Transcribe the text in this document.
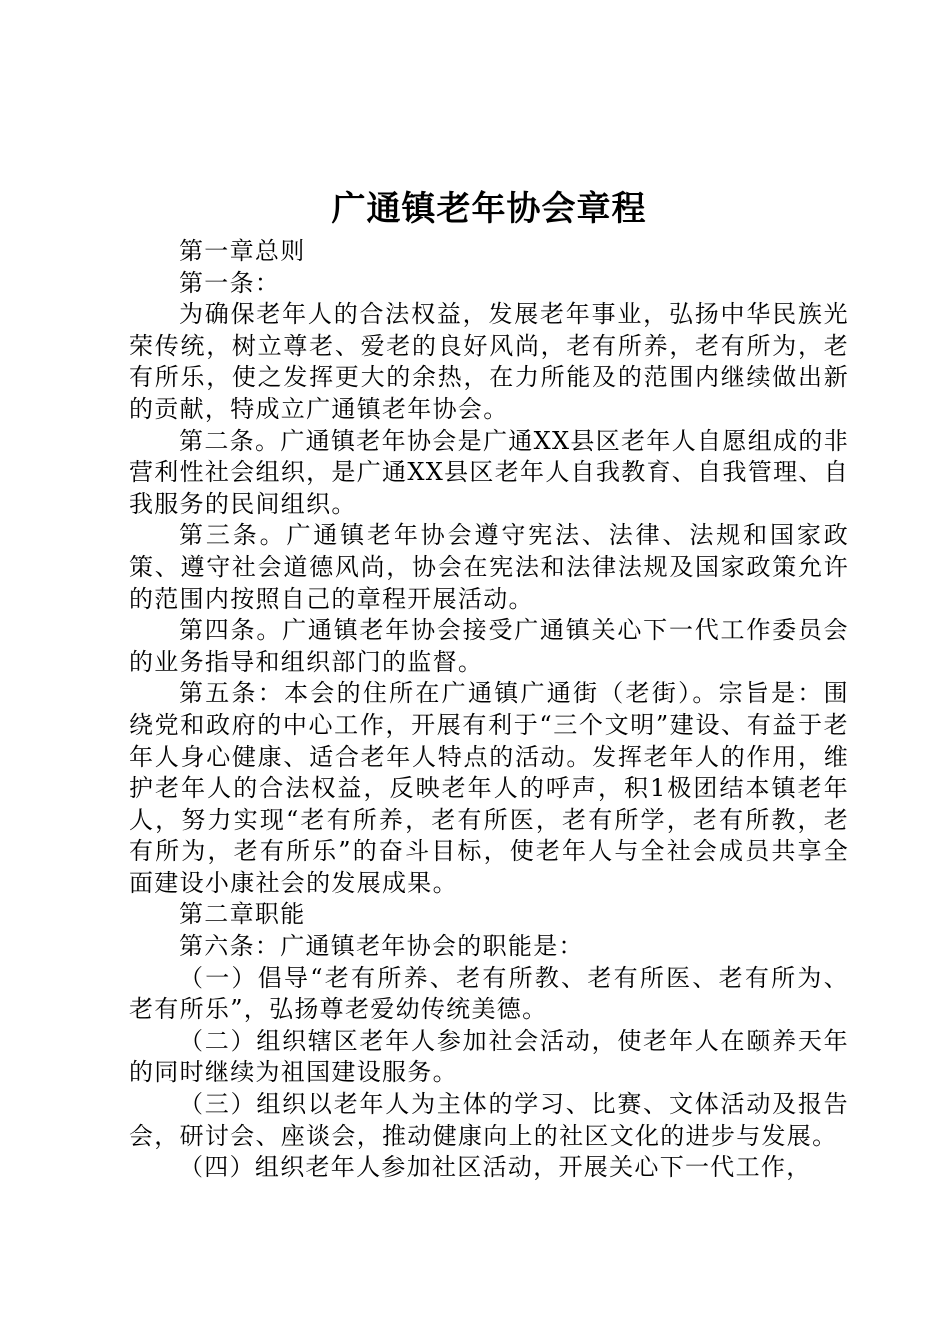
广通镇老年协会章程

第一章总则

第一条：

为确保老年人的合法权益，发展老年事业，弘扬中华民族光荣传统，树立尊老、爱老的良好风尚，老有所养，老有所为，老有所乐，使之发挥更大的余热，在力所能及的范围内继续做出新的贡献，特成立广通镇老年协会。

第二条。广通镇老年协会是广通XX县区老年人自愿组成的非营利性社会组织，是广通XX县区老年人自我教育、自我管理、自我服务的民间组织。

第三条。广通镇老年协会遵守宪法、法律、法规和国家政策、遵守社会道德风尚，协会在宪法和法律法规及国家政策允许的范围内按照自己的章程开展活动。

第四条。广通镇老年协会接受广通镇关心下一代工作委员会的业务指导和组织部门的监督。

第五条：本会的住所在广通镇广通街（老街）。宗旨是：围绕党和政府的中心工作，开展有利于“三个文明”建设、有益于老年人身心健康、适合老年人特点的活动。发挥老年人的作用，维护老年人的合法权益，反映老年人的呼声，积1极团结本镇老年人，努力实现“老有所养，老有所医，老有所学，老有所教，老有所为，老有所乐”的奋斗目标，使老年人与全社会成员共享全面建设小康社会的发展成果。

第二章职能

第六条：广通镇老年协会的职能是：

（一）倡导“老有所养、老有所教、老有所医、老有所为、老有所乐”，弘扬尊老爱幼传统美德。

（二）组织辖区老年人参加社会活动，使老年人在颐养天年的同时继续为祖国建设服务。

（三）组织以老年人为主体的学习、比赛、文体活动及报告会，研讨会、座谈会，推动健康向上的社区文化的进步与发展。

（四）组织老年人参加社区活动，开展关心下一代工作，
